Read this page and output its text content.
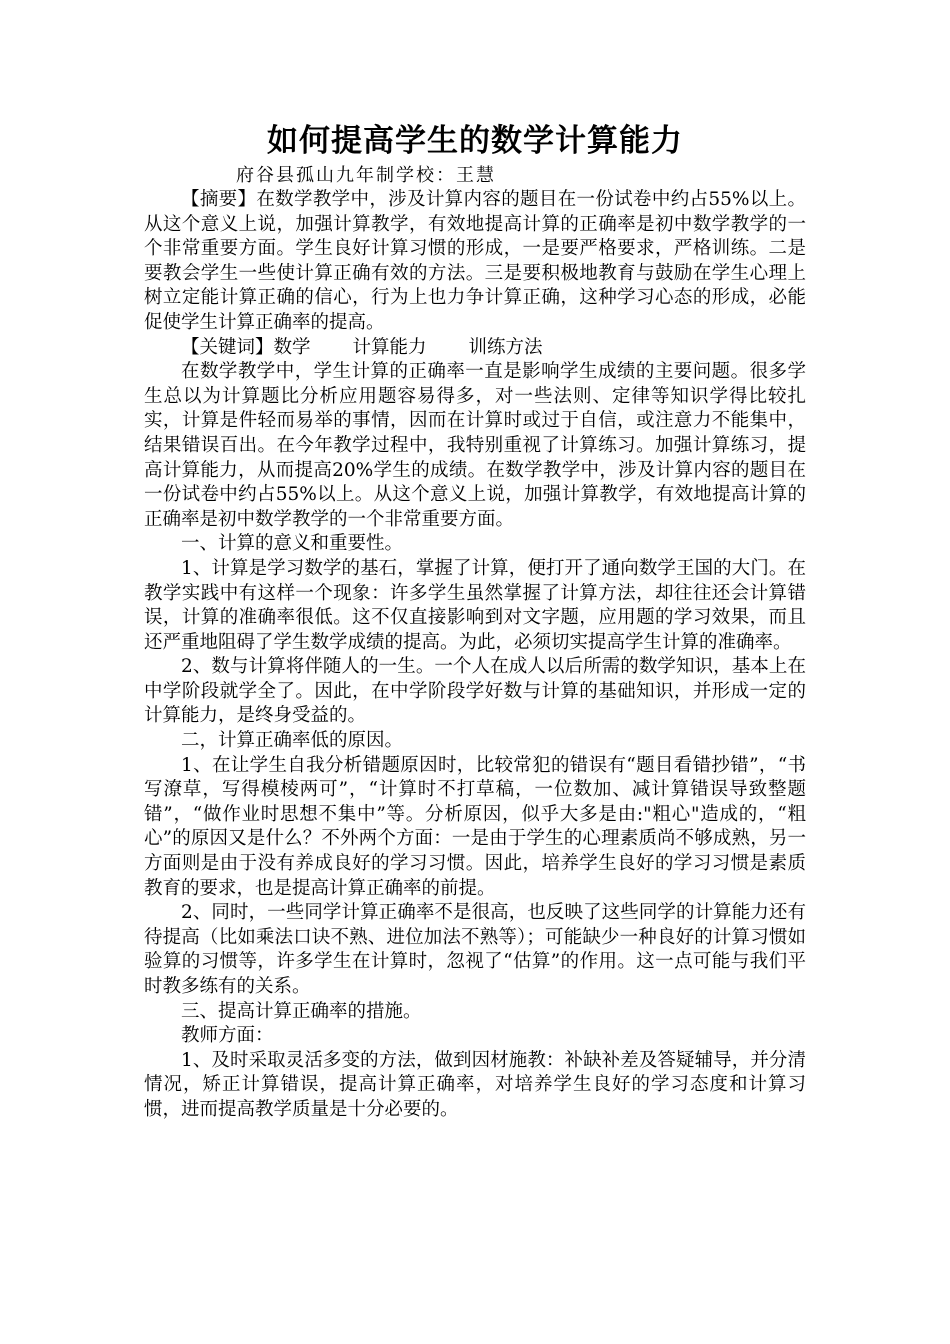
如何提高学生的数学计算能力

府谷县孤山九年制学校：王慧

【摘要】在数学教学中，涉及计算内容的题目在一份试卷中约占55%以上。从这个意义上说，加强计算教学，有效地提高计算的正确率是初中数学教学的一个非常重要方面。学生良好计算习惯的形成，一是要严格要求，严格训练。二是要教会学生一些使计算正确有效的方法。三是要积极地教育与鼓励在学生心理上树立定能计算正确的信心，行为上也力争计算正确，这种学习心态的形成，必能促使学生计算正确率的提高。

【关键词】数学 计算能力 训练方法

在数学教学中，学生计算的正确率一直是影响学生成绩的主要问题。很多学生总以为计算题比分析应用题容易得多，对一些法则、定律等知识学得比较扎实，计算是件轻而易举的事情，因而在计算时或过于自信，或注意力不能集中，结果错误百出。在今年教学过程中，我特别重视了计算练习。加强计算练习，提高计算能力，从而提高20%学生的成绩。在数学教学中，涉及计算内容的题目在一份试卷中约占55%以上。从这个意义上说，加强计算教学，有效地提高计算的正确率是初中数学教学的一个非常重要方面。

一、计算的意义和重要性。

1、计算是学习数学的基石，掌握了计算，便打开了通向数学王国的大门。在教学实践中有这样一个现象：许多学生虽然掌握了计算方法，却往往还会计算错误，计算的准确率很低。这不仅直接影响到对文字题，应用题的学习效果，而且还严重地阻碍了学生数学成绩的提高。为此，必须切实提高学生计算的准确率。

2、数与计算将伴随人的一生。一个人在成人以后所需的数学知识，基本上在中学阶段就学全了。因此，在中学阶段学好数与计算的基础知识，并形成一定的计算能力，是终身受益的。

二，计算正确率低的原因。

1、在让学生自我分析错题原因时，比较常犯的错误有“题目看错抄错”，“书写潦草，写得模棱两可”，“计算时不打草稿，一位数加、减计算错误导致整题错”，“做作业时思想不集中”等。分析原因，似乎大多是由:"粗心"造成的，“粗心”的原因又是什么？不外两个方面：一是由于学生的心理素质尚不够成熟，另一方面则是由于没有养成良好的学习习惯。因此，培养学生良好的学习习惯是素质教育的要求，也是提高计算正确率的前提。

2、同时，一些同学计算正确率不是很高，也反映了这些同学的计算能力还有待提高（比如乘法口诀不熟、进位加法不熟等）；可能缺少一种良好的计算习惯如验算的习惯等，许多学生在计算时，忽视了“估算”的作用。这一点可能与我们平时教多练有的关系。

三、提高计算正确率的措施。

教师方面：

1、及时采取灵活多变的方法，做到因材施教：补缺补差及答疑辅导，并分清情况，矫正计算错误，提高计算正确率，对培养学生良好的学习态度和计算习惯，进而提高教学质量是十分必要的。
